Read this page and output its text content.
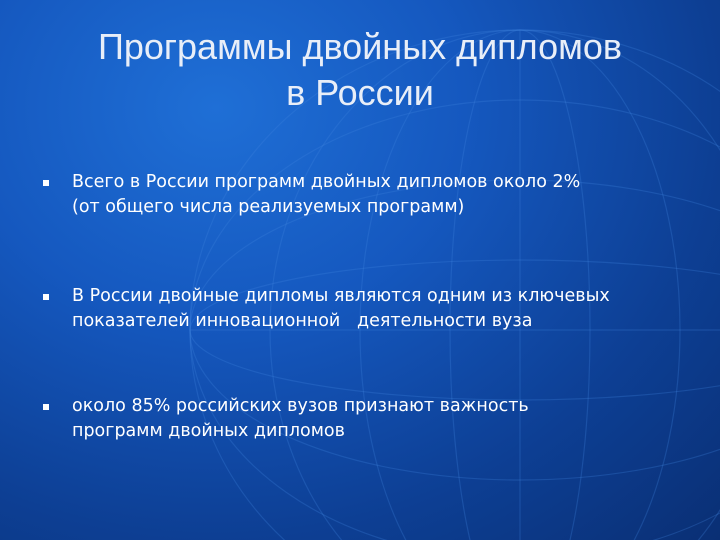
Программы двойных дипломов
в России
Всего в России программ двойных дипломов около 2%
(от общего числа реализуемых программ)
В России двойные дипломы являются одним из ключевых
показателей инновационной   деятельности вуза
около 85% российских вузов признают важность
программ двойных дипломов
